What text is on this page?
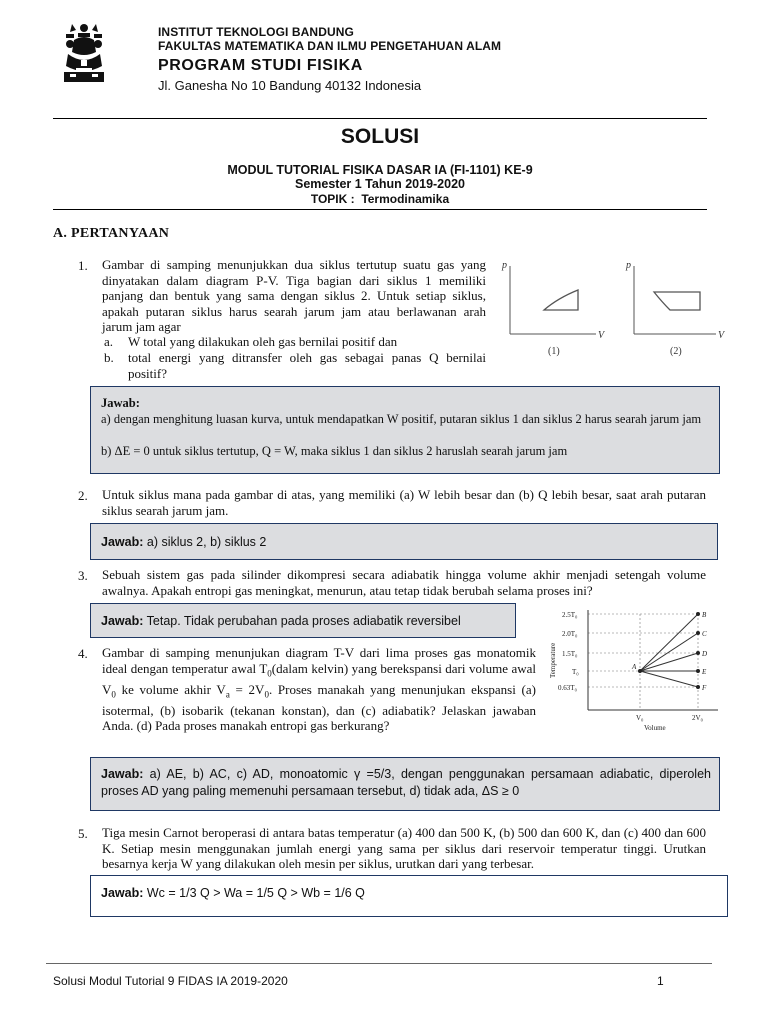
INSTITUT TEKNOLOGI BANDUNG
FAKULTAS MATEMATIKA DAN ILMU PENGETAHUAN ALAM
PROGRAM STUDI FISIKA
Jl. Ganesha No 10 Bandung 40132 Indonesia
SOLUSI
MODUL TUTORIAL FISIKA DASAR IA (FI-1101) KE-9
Semester 1 Tahun 2019-2020
TOPIK : Termodinamika
A. PERTANYAAN
1. Gambar di samping menunjukkan dua siklus tertutup suatu gas yang dinyatakan dalam diagram P-V. Tiga bagian dari siklus 1 memiliki panjang dan bentuk yang sama dengan siklus 2. Untuk setiap siklus, apakah putaran siklus harus searah jarum jam atau berlawanan arah jarum jam agar
a. W total yang dilakukan oleh gas bernilai positif dan
b. total energi yang ditransfer oleh gas sebagai panas Q bernilai positif?
p
V
p
V
(1)	(2)
Jawab:
a) dengan menghitung luasan kurva, untuk mendapatkan W positif, putaran siklus 1 dan siklus 2 harus searah jarum jam
b) ΔE = 0 untuk siklus tertutup, Q = W, maka siklus 1 dan siklus 2 haruslah searah jarum jam
2. Untuk siklus mana pada gambar di atas, yang memiliki (a) W lebih besar dan (b) Q lebih besar, saat arah putaran siklus searah jarum jam.
Jawab: a) siklus 2, b) siklus 2
3. Sebuah sistem gas pada silinder dikompresi secara adiabatik hingga volume akhir menjadi setengah volume awalnya. Apakah entropi gas meningkat, menurun, atau tetap tidak berubah selama proses ini?
Jawab: Tetap. Tidak perubahan pada proses adiabatik reversibel
4. Gambar di samping menunjukan diagram T-V dari lima proses gas monatomik ideal dengan temperatur awal $T_0(dalam$ kelvin) yang berekspansi dari volume awal $V_0$ ke volume akhir $V_a = 2V_0$. Proses manakah yang menunjukan ekspansi (a) isotermal, (b) isobarik (tekanan konstan), dan (c) adiabatik? Jelaskan jawaban Anda. (d) Pada proses manakah entropi gas berkurang?
2.5T₀
2.0T₀
1.5T₀
T₀
0.63T₀
V₀	2V₀
Volume
Temperature	A
B
C
D
E
F
Jawab: a) AE, b) AC, c) AD, monoatomic γ =5/3, dengan penggunakan persamaan adiabatic, diperoleh proses AD yang paling memenuhi persamaan tersebut, d) tidak ada, ΔS ≥ 0
5. Tiga mesin Carnot beroperasi di antara batas temperatur (a) 400 dan 500 K, (b) 500 dan 600 K, dan (c) 400 dan 600 K. Setiap mesin menggunakan jumlah energi yang sama per siklus dari reservoir temperatur tinggi. Urutkan besarnya kerja W yang dilakukan oleh mesin per siklus, urutkan dari yang terbesar.
Jawab: Wc = 1/3 Q > Wa = 1/5 Q > Wb = 1/6 Q
Solusi Modul Tutorial 9 FIDAS IA 2019-2020	1
